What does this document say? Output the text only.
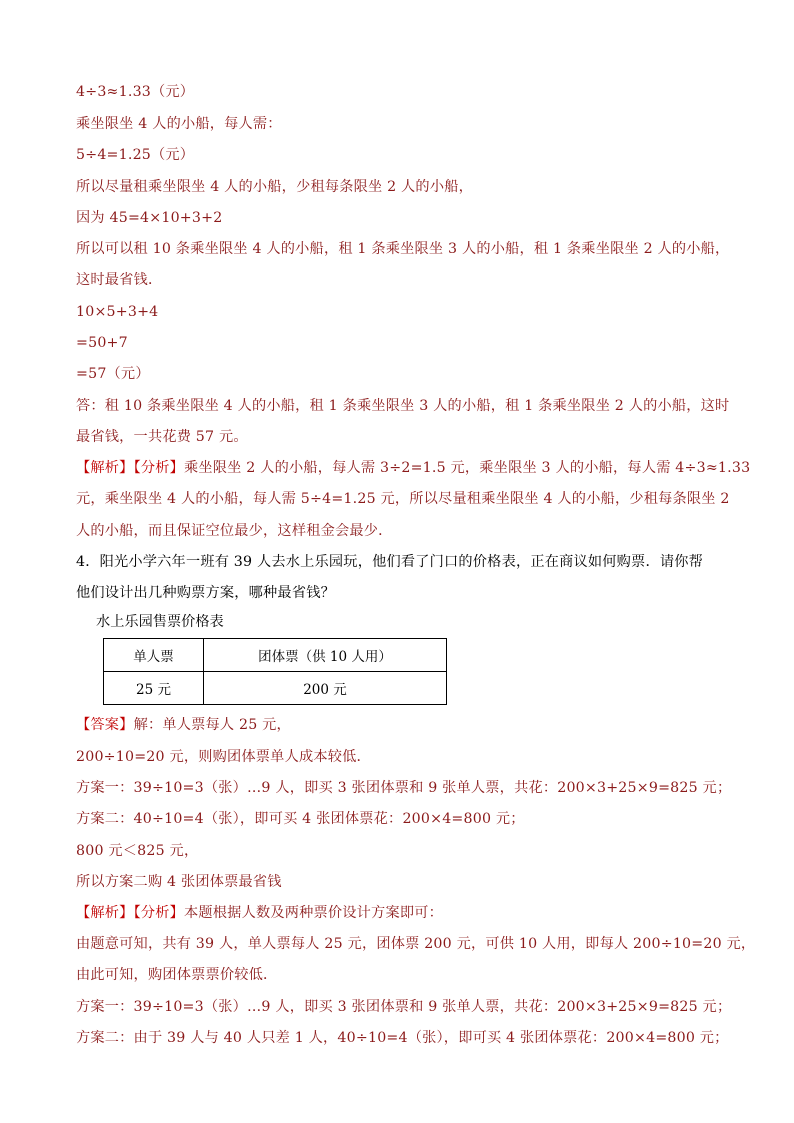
4÷3≈1.33（元）
乘坐限坐 4 人的小船，每人需：
5÷4=1.25（元）
所以尽量租乘坐限坐 4 人的小船，少租每条限坐 2 人的小船，
因为 45=4×10+3+2
所以可以租 10 条乘坐限坐 4 人的小船，租 1 条乘坐限坐 3 人的小船，租 1 条乘坐限坐 2 人的小船，
这时最省钱．
10×5+3+4
=50+7
=57（元）
答：租 10 条乘坐限坐 4 人的小船，租 1 条乘坐限坐 3 人的小船，租 1 条乘坐限坐 2 人的小船，这时
最省钱，一共花费 57 元。
【解析】【分析】乘坐限坐 2 人的小船，每人需 3÷2=1.5 元，乘坐限坐 3 人的小船，每人需 4÷3≈1.33
元，乘坐限坐 4 人的小船，每人需 5÷4=1.25 元，所以尽量租乘坐限坐 4 人的小船，少租每条限坐 2
人的小船，而且保证空位最少，这样租金会最少．
4．阳光小学六年一班有 39 人去水上乐园玩，他们看了门口的价格表，正在商议如何购票．请你帮
他们设计出几种购票方案，哪种最省钱？
水上乐园售票价格表
单人票	团体票（供 10 人用）
25 元	200 元
【答案】解：单人票每人 25 元，
200÷10=20 元，则购团体票单人成本较低．
方案一：39÷10=3（张）…9 人，即买 3 张团体票和 9 张单人票，共花：200×3+25×9=825 元；
方案二：40÷10=4（张），即可买 4 张团体票花：200×4=800 元；
800 元＜825 元，
所以方案二购 4 张团体票最省钱
【解析】【分析】本题根据人数及两种票价设计方案即可：
由题意可知，共有 39 人，单人票每人 25 元，团体票 200 元，可供 10 人用，即每人 200÷10=20 元，
由此可知，购团体票票价较低．
方案一：39÷10=3（张）…9 人，即买 3 张团体票和 9 张单人票，共花：200×3+25×9=825 元；
方案二：由于 39 人与 40 人只差 1 人，40÷10=4（张），即可买 4 张团体票花：200×4=800 元；
